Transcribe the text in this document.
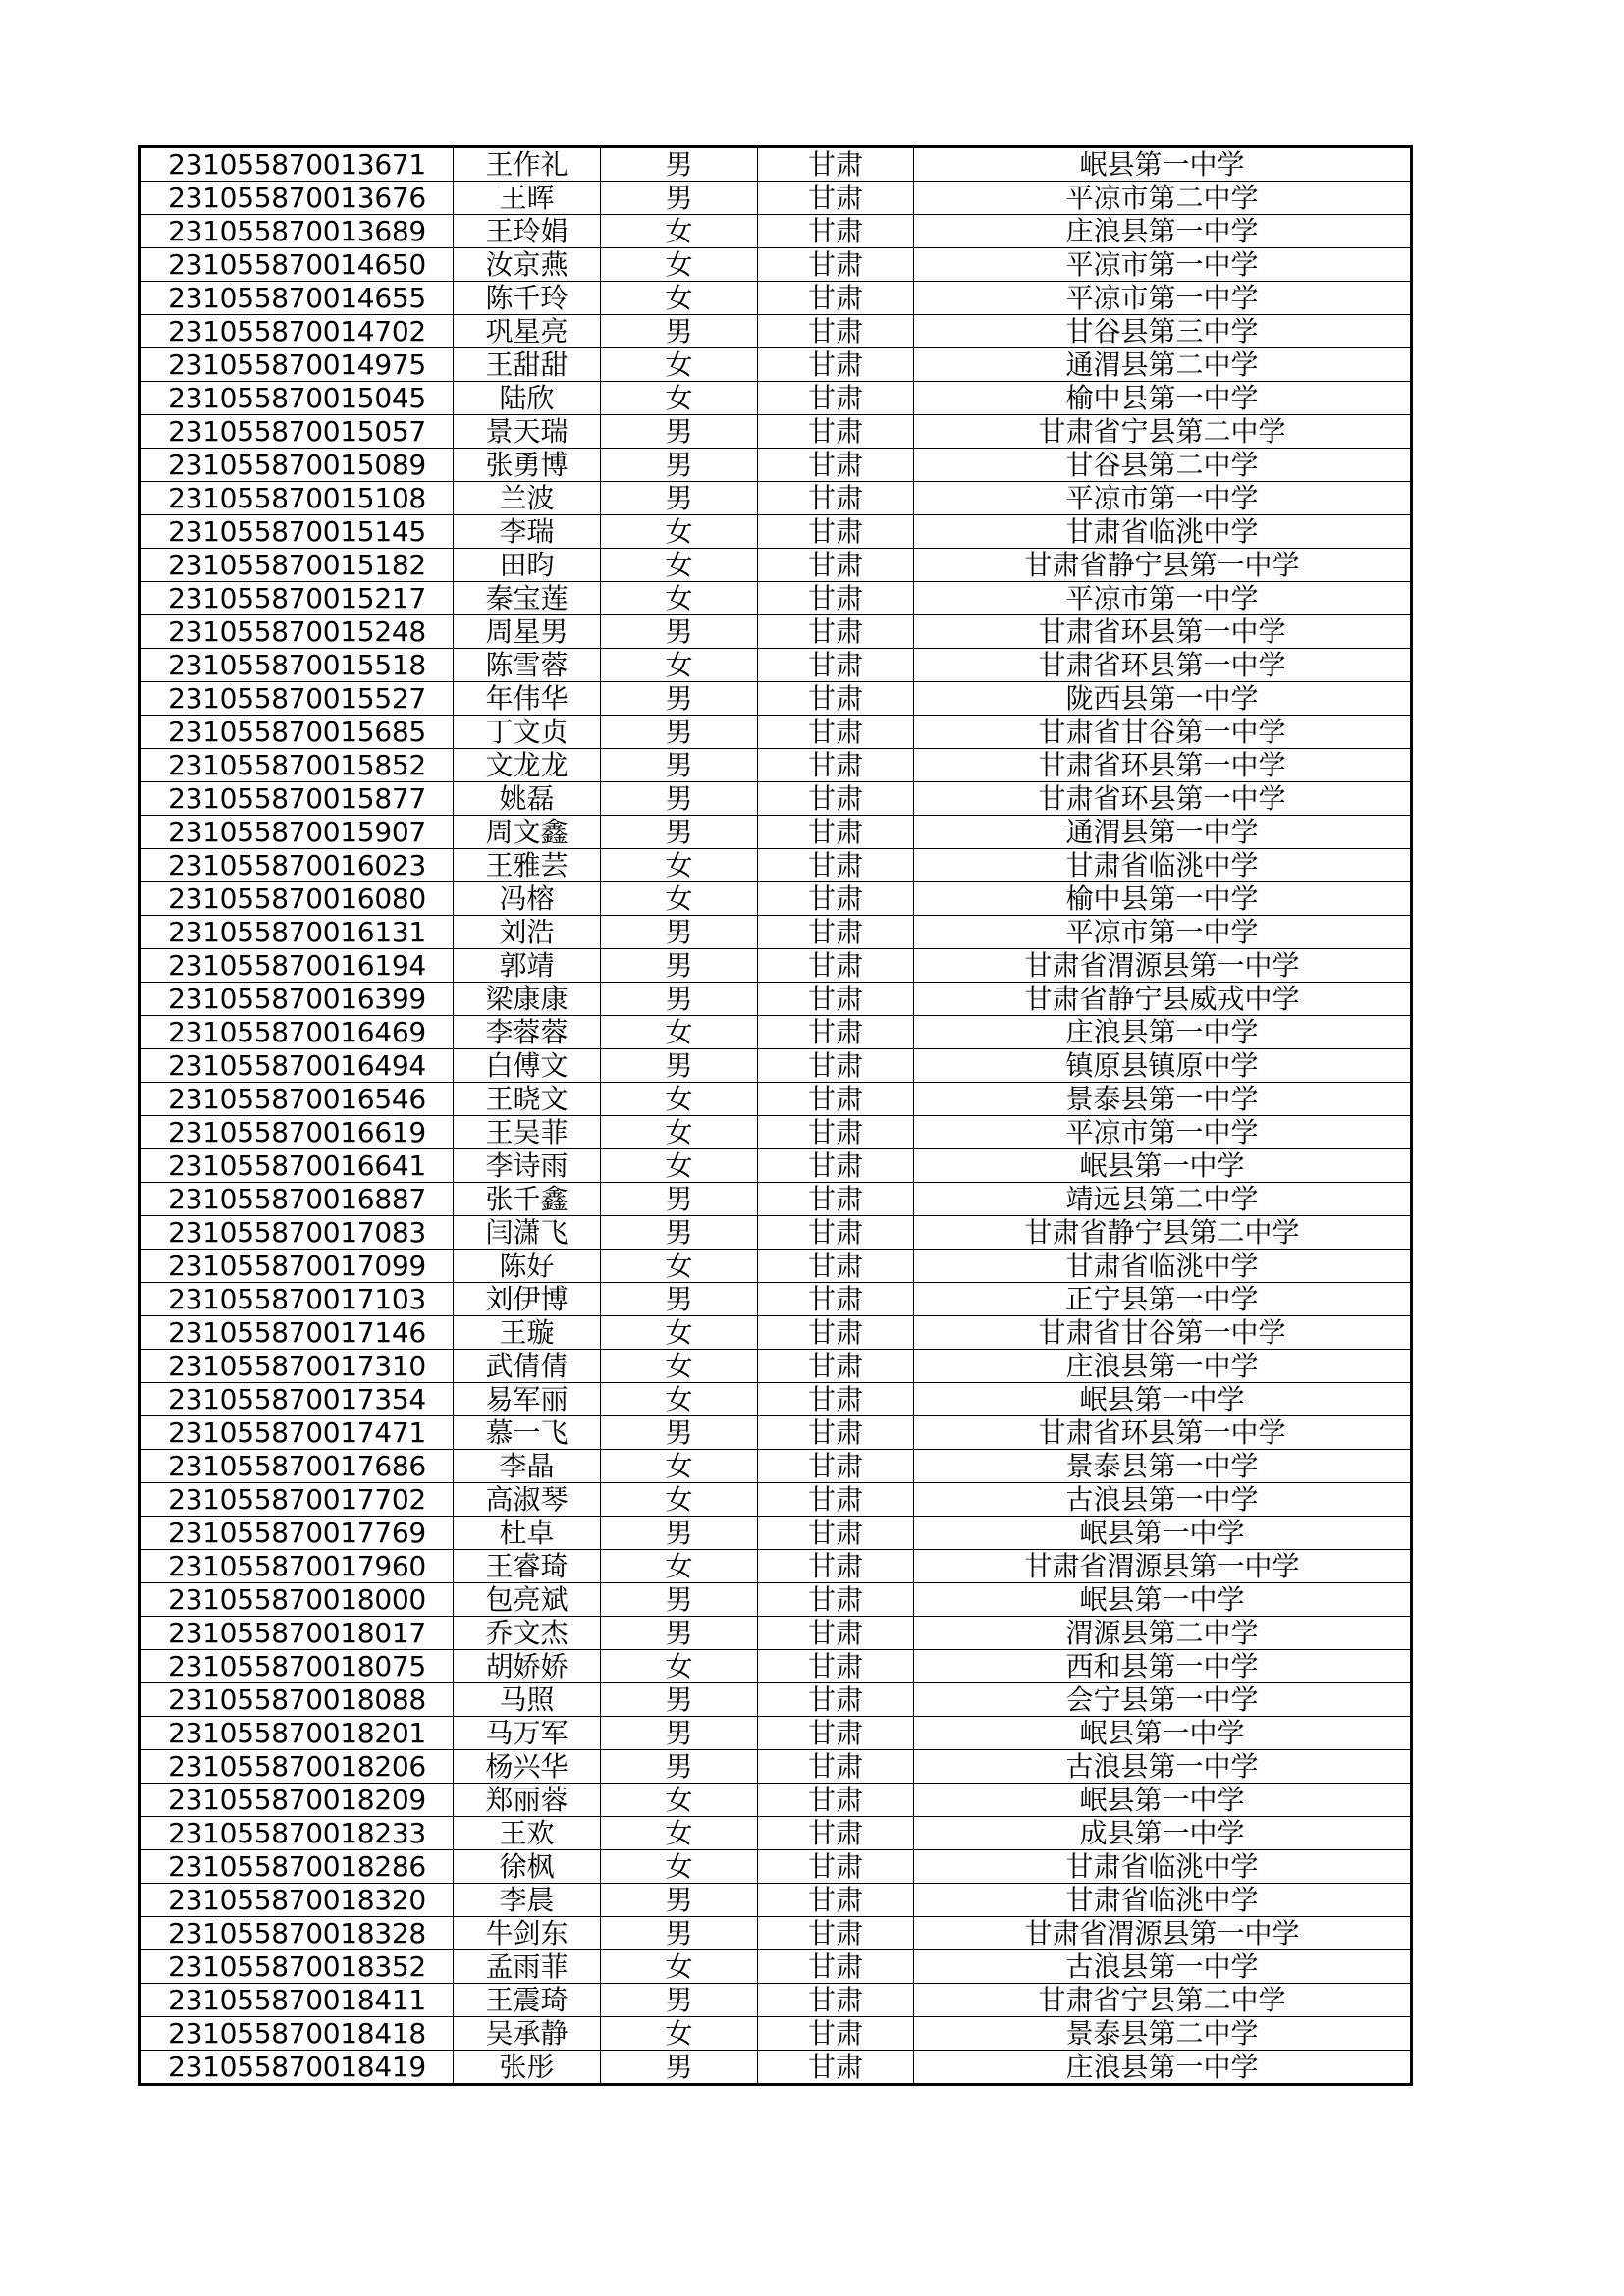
231055870013671	王作礼	男	甘肃	岷县第一中学
231055870013676	王晖	男	甘肃	平凉市第二中学
231055870013689	王玲娟	女	甘肃	庄浪县第一中学
231055870014650	汝京燕	女	甘肃	平凉市第一中学
231055870014655	陈千玲	女	甘肃	平凉市第一中学
231055870014702	巩星亮	男	甘肃	甘谷县第三中学
231055870014975	王甜甜	女	甘肃	通渭县第二中学
231055870015045	陆欣	女	甘肃	榆中县第一中学
231055870015057	景天瑞	男	甘肃	甘肃省宁县第二中学
231055870015089	张勇博	男	甘肃	甘谷县第二中学
231055870015108	兰波	男	甘肃	平凉市第一中学
231055870015145	李瑞	女	甘肃	甘肃省临洮中学
231055870015182	田昀	女	甘肃	甘肃省静宁县第一中学
231055870015217	秦宝莲	女	甘肃	平凉市第一中学
231055870015248	周星男	男	甘肃	甘肃省环县第一中学
231055870015518	陈雪蓉	女	甘肃	甘肃省环县第一中学
231055870015527	年伟华	男	甘肃	陇西县第一中学
231055870015685	丁文贞	男	甘肃	甘肃省甘谷第一中学
231055870015852	文龙龙	男	甘肃	甘肃省环县第一中学
231055870015877	姚磊	男	甘肃	甘肃省环县第一中学
231055870015907	周文鑫	男	甘肃	通渭县第一中学
231055870016023	王雅芸	女	甘肃	甘肃省临洮中学
231055870016080	冯榕	女	甘肃	榆中县第一中学
231055870016131	刘浩	男	甘肃	平凉市第一中学
231055870016194	郭靖	男	甘肃	甘肃省渭源县第一中学
231055870016399	梁康康	男	甘肃	甘肃省静宁县威戎中学
231055870016469	李蓉蓉	女	甘肃	庄浪县第一中学
231055870016494	白傅文	男	甘肃	镇原县镇原中学
231055870016546	王晓文	女	甘肃	景泰县第一中学
231055870016619	王吴菲	女	甘肃	平凉市第一中学
231055870016641	李诗雨	女	甘肃	岷县第一中学
231055870016887	张千鑫	男	甘肃	靖远县第二中学
231055870017083	闫潇飞	男	甘肃	甘肃省静宁县第二中学
231055870017099	陈好	女	甘肃	甘肃省临洮中学
231055870017103	刘伊博	男	甘肃	正宁县第一中学
231055870017146	王璇	女	甘肃	甘肃省甘谷第一中学
231055870017310	武倩倩	女	甘肃	庄浪县第一中学
231055870017354	易军丽	女	甘肃	岷县第一中学
231055870017471	慕一飞	男	甘肃	甘肃省环县第一中学
231055870017686	李晶	女	甘肃	景泰县第一中学
231055870017702	高淑琴	女	甘肃	古浪县第一中学
231055870017769	杜卓	男	甘肃	岷县第一中学
231055870017960	王睿琦	女	甘肃	甘肃省渭源县第一中学
231055870018000	包亮斌	男	甘肃	岷县第一中学
231055870018017	乔文杰	男	甘肃	渭源县第二中学
231055870018075	胡娇娇	女	甘肃	西和县第一中学
231055870018088	马照	男	甘肃	会宁县第一中学
231055870018201	马万军	男	甘肃	岷县第一中学
231055870018206	杨兴华	男	甘肃	古浪县第一中学
231055870018209	郑丽蓉	女	甘肃	岷县第一中学
231055870018233	王欢	女	甘肃	成县第一中学
231055870018286	徐枫	女	甘肃	甘肃省临洮中学
231055870018320	李晨	男	甘肃	甘肃省临洮中学
231055870018328	牛剑东	男	甘肃	甘肃省渭源县第一中学
231055870018352	孟雨菲	女	甘肃	古浪县第一中学
231055870018411	王震琦	男	甘肃	甘肃省宁县第二中学
231055870018418	吴承静	女	甘肃	景泰县第二中学
231055870018419	张彤	男	甘肃	庄浪县第一中学
